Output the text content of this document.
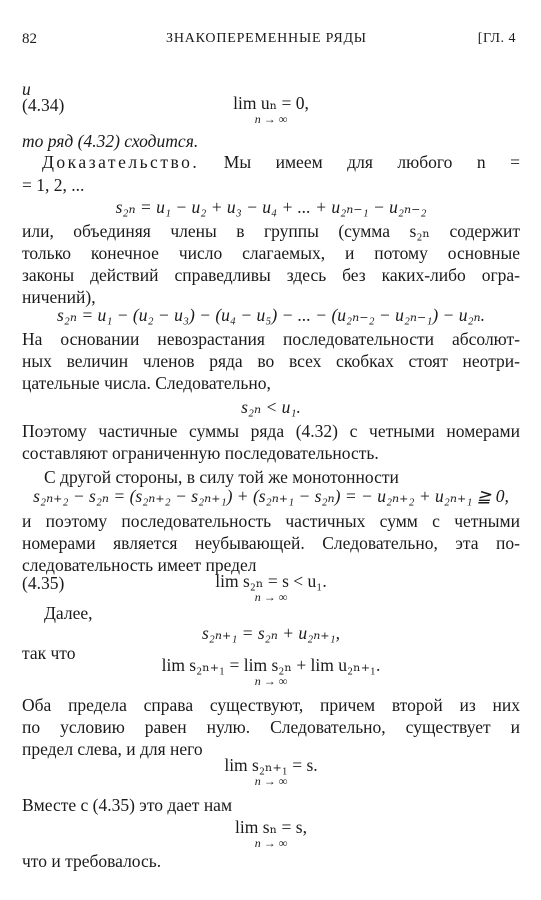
82	ЗНАКОПЕРЕМЕННЫЕ РЯДЫ	[ГЛ. 4
u
lim uₙ = 0,
n → ∞
(4.34)
то ряд (4.32) сходится.
Доказательство. Мы имеем для любого n =
= 1, 2, ...
s₂ₙ = u₁ − u₂ + u₃ − u₄ + ... + u₂ₙ₋₁ − u₂ₙ₋₂
или, объединяя члены в группы (сумма s₂ₙ содержит
только конечное число слагаемых, и потому основные
законы действий справедливы здесь без каких-либо огра-
ничений),
s₂ₙ = u₁ − (u₂ − u₃) − (u₄ − u₅) − ... − (u₂ₙ₋₂ − u₂ₙ₋₁) − u₂ₙ.
На основании невозрастания последовательности абсолют-
ных величин членов ряда во всех скобках стоят неотри-
цательные числа. Следовательно,
s₂ₙ < u₁.
Поэтому частичные суммы ряда (4.32) с четными номерами
составляют ограниченную последовательность.
С другой стороны, в силу той же монотонности
s₂ₙ₊₂ − s₂ₙ = (s₂ₙ₊₂ − s₂ₙ₊₁) + (s₂ₙ₊₁ − s₂ₙ) = − u₂ₙ₊₂ + u₂ₙ₊₁ ≧ 0,
и поэтому последовательность частичных сумм с четными
номерами является неубывающей. Следовательно, эта по-
следовательность имеет предел
lim s₂ₙ = s < u₁.
n → ∞
(4.35)
Далее,
s₂ₙ₊₁ = s₂ₙ + u₂ₙ₊₁,
так что
lim s₂ₙ₊₁ = lim s₂ₙ + lim u₂ₙ₊₁.
n → ∞
Оба предела справа существуют, причем второй из них
по условию равен нулю. Следовательно, существует и
предел слева, и для него
lim s₂ₙ₊₁ = s.
n → ∞
Вместе с (4.35) это дает нам
lim sₙ = s,
n → ∞
что и требовалось.
